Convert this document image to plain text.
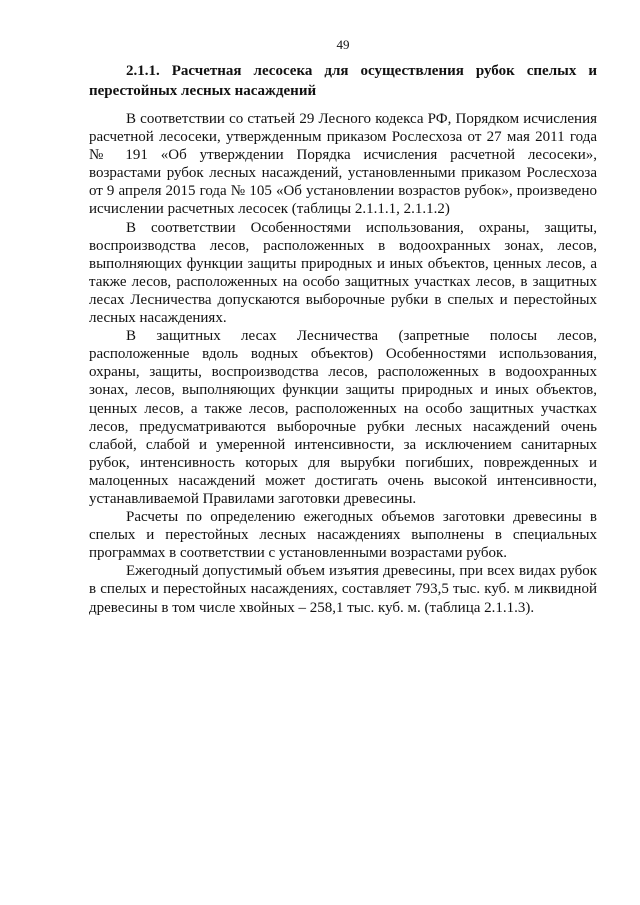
49
2.1.1. Расчетная лесосека для осуществления рубок спелых и перестойных лесных насаждений

В соответствии со статьей 29 Лесного кодекса РФ, Порядком исчисления расчетной лесосеки, утвержденным приказом Рослесхоза от 27 мая 2011 года № 191 «Об утверждении Порядка исчисления расчетной лесосеки», возрастами рубок лесных насаждений, установленными приказом Рослесхоза от 9 апреля 2015 года № 105 «Об установлении возрастов рубок», произведено исчислении расчетных лесосек (таблицы 2.1.1.1, 2.1.1.2)

В соответствии Особенностями использования, охраны, защиты, воспроизводства лесов, расположенных в водоохранных зонах, лесов, выполняющих функции защиты природных и иных объектов, ценных лесов, а также лесов, расположенных на особо защитных участках лесов, в защитных лесах Лесничества допускаются выборочные рубки в спелых и перестойных лесных насаждениях.

В защитных лесах Лесничества (запретные полосы лесов, расположенные вдоль водных объектов) Особенностями использования, охраны, защиты, воспроизводства лесов, расположенных в водоохранных зонах, лесов, выполняющих функции защиты природных и иных объектов, ценных лесов, а также лесов, расположенных на особо защитных участках лесов, предусматриваются выборочные рубки лесных насаждений очень слабой, слабой и умеренной интенсивности, за исключением санитарных рубок, интенсивность которых для вырубки погибших, поврежденных и малоценных насаждений может достигать очень высокой интенсивности, устанавливаемой Правилами заготовки древесины.

Расчеты по определению ежегодных объемов заготовки древесины в спелых и перестойных лесных насаждениях выполнены в специальных программах в соответствии с установленными возрастами рубок.

Ежегодный допустимый объем изъятия древесины, при всех видах рубок в спелых и перестойных насаждениях, составляет 793,5 тыс. куб. м ликвидной древесины в том числе хвойных – 258,1 тыс. куб. м. (таблица 2.1.1.3).
